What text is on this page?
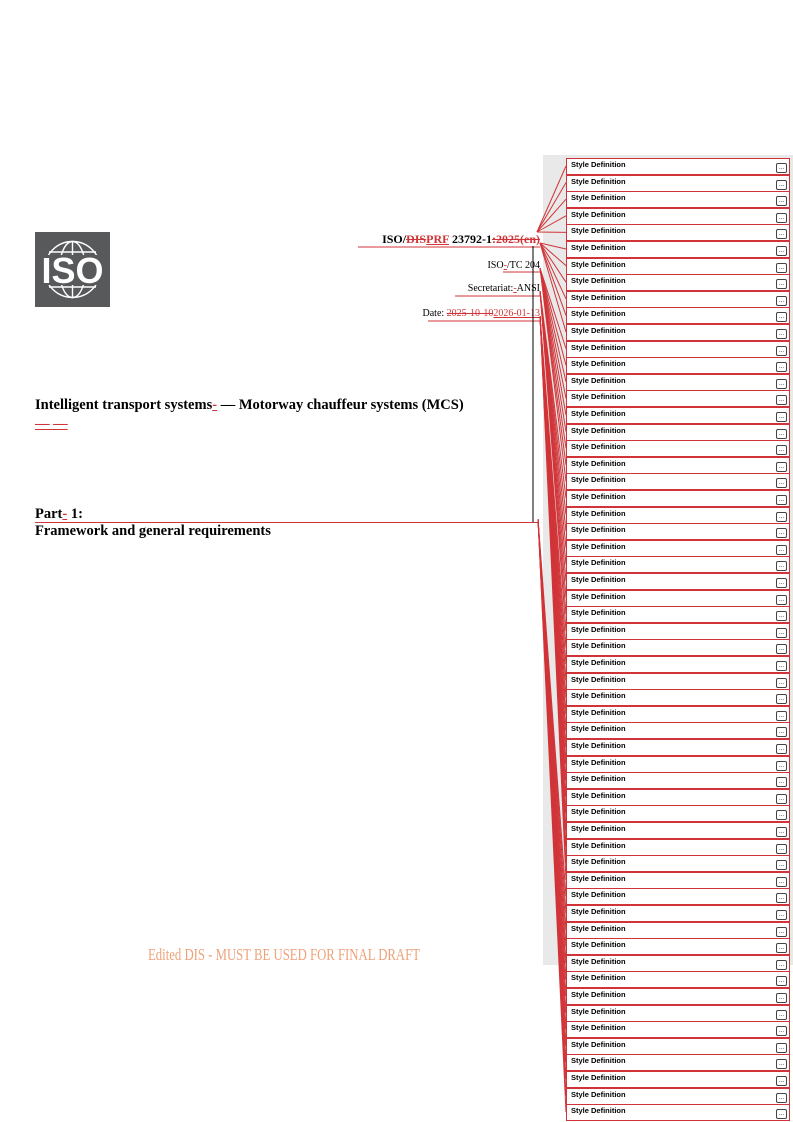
ISO
ISO/DISPRF 23792-1:2025(en)
ISO-/TC 204
Secretariat:-ANSI
Date: 2025-10-102026-01-13
Intelligent transport systems- — Motorway chauffeur systems (MCS)
— —
Part- 1:
Framework and general requirements
Edited DIS - MUST BE USED FOR FINAL DRAFT
Style Definition	...
Style Definition	...
Style Definition	...
Style Definition	...
Style Definition	...
Style Definition	...
Style Definition	...
Style Definition	...
Style Definition	...
Style Definition	...
Style Definition	...
Style Definition	...
Style Definition	...
Style Definition	...
Style Definition	...
Style Definition	...
Style Definition	...
Style Definition	...
Style Definition	...
Style Definition	...
Style Definition	...
Style Definition	...
Style Definition	...
Style Definition	...
Style Definition	...
Style Definition	...
Style Definition	...
Style Definition	...
Style Definition	...
Style Definition	...
Style Definition	...
Style Definition	...
Style Definition	...
Style Definition	...
Style Definition	...
Style Definition	...
Style Definition	...
Style Definition	...
Style Definition	...
Style Definition	...
Style Definition	...
Style Definition	...
Style Definition	...
Style Definition	...
Style Definition	...
Style Definition	...
Style Definition	...
Style Definition	...
Style Definition	...
Style Definition	...
Style Definition	...
Style Definition	...
Style Definition	...
Style Definition	...
Style Definition	...
Style Definition	...
Style Definition	...
Style Definition	...
